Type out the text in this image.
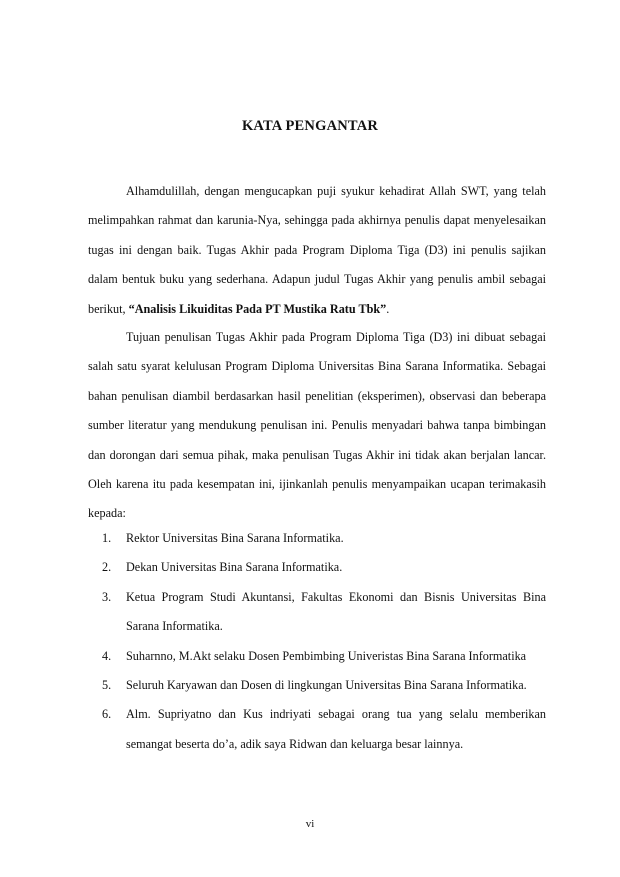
KATA PENGANTAR

Alhamdulillah, dengan mengucapkan puji syukur kehadirat Allah SWT, yang telah melimpahkan rahmat dan karunia-Nya, sehingga pada akhirnya penulis dapat menyelesaikan tugas ini dengan baik. Tugas Akhir pada Program Diploma Tiga (D3) ini penulis sajikan dalam bentuk buku yang sederhana. Adapun judul Tugas Akhir yang penulis ambil sebagai berikut, “Analisis Likuiditas Pada PT Mustika Ratu Tbk”.

Tujuan penulisan Tugas Akhir pada Program Diploma Tiga (D3) ini dibuat sebagai salah satu syarat kelulusan Program Diploma Universitas Bina Sarana Informatika. Sebagai bahan penulisan diambil berdasarkan hasil penelitian (eksperimen), observasi dan beberapa sumber literatur yang mendukung penulisan ini. Penulis menyadari bahwa tanpa bimbingan dan dorongan dari semua pihak, maka penulisan Tugas Akhir ini tidak akan berjalan lancar. Oleh karena itu pada kesempatan ini, ijinkanlah penulis menyampaikan ucapan terimakasih kepada:

1. Rektor Universitas Bina Sarana Informatika.
2. Dekan Universitas Bina Sarana Informatika.
3. Ketua Program Studi Akuntansi, Fakultas Ekonomi dan Bisnis Universitas Bina Sarana Informatika.
4. Suharnno, M.Akt selaku Dosen Pembimbing Univeristas Bina Sarana Informatika
5. Seluruh Karyawan dan Dosen di lingkungan Universitas Bina Sarana Informatika.
6. Alm. Supriyatno dan Kus indriyati sebagai orang tua yang selalu memberikan semangat beserta do’a, adik saya Ridwan dan keluarga besar lainnya.
vi
